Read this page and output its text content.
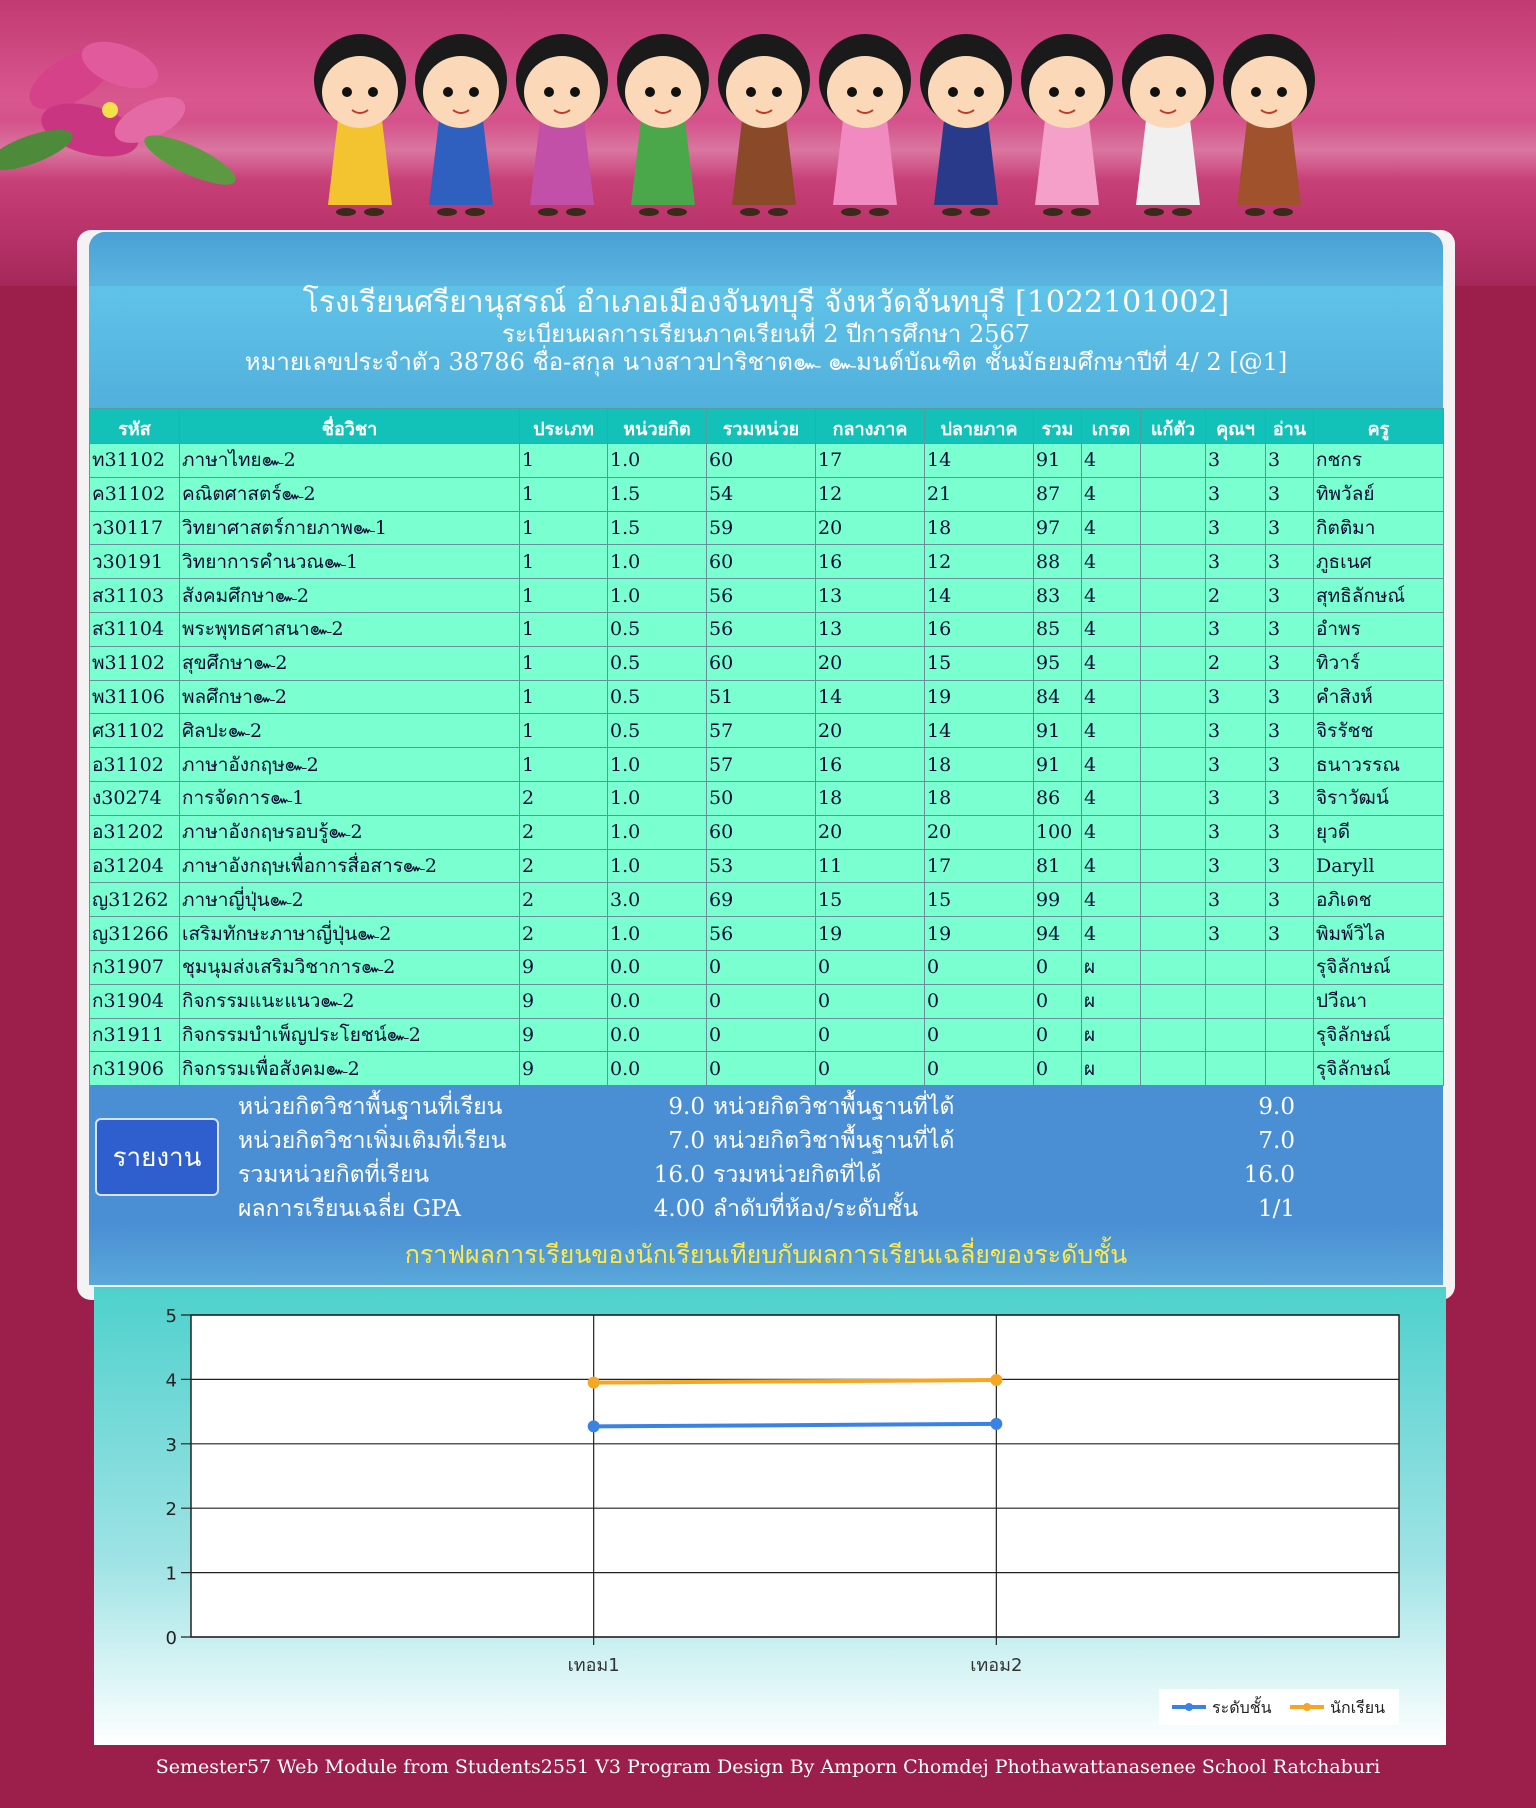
โรงเรียนศรียานุสรณ์ อำเภอเมืองจันทบุรี จังหวัดจันทบุรี [1022101002]
ระเบียนผลการเรียนภาคเรียนที่ 2 ปีการศึกษา 2567
หมายเลขประจำตัว 38786 ชื่อ-สกุล นางสาวปาริชาต๛ ๛มนต์บัณฑิต ชั้นมัธยมศึกษาปีที่ 4/ 2 [@1]
รหัส	ชื่อวิชา	ประเภท	หน่วยกิต	รวมหน่วย	กลางภาค	ปลายภาค	รวม	เกรด	แก้ตัว	คุณฯ	อ่าน	ครู
ท31102	ภาษาไทย๛2	1	1.0	60	17	14	91	4		3	3	กชกร
ค31102	คณิตศาสตร์๛2	1	1.5	54	12	21	87	4		3	3	ทิพวัลย์
ว30117	วิทยาศาสตร์กายภาพ๛1	1	1.5	59	20	18	97	4		3	3	กิตติมา
ว30191	วิทยาการคำนวณ๛1	1	1.0	60	16	12	88	4		3	3	ภูธเนศ
ส31103	สังคมศึกษา๛2	1	1.0	56	13	14	83	4		2	3	สุทธิลักษณ์
ส31104	พระพุทธศาสนา๛2	1	0.5	56	13	16	85	4		3	3	อำพร
พ31102	สุขศึกษา๛2	1	0.5	60	20	15	95	4		2	3	ทิวาร์
พ31106	พลศึกษา๛2	1	0.5	51	14	19	84	4		3	3	คำสิงห์
ศ31102	ศิลปะ๛2	1	0.5	57	20	14	91	4		3	3	จิรรัชช
อ31102	ภาษาอังกฤษ๛2	1	1.0	57	16	18	91	4		3	3	ธนาวรรณ
ง30274	การจัดการ๛1	2	1.0	50	18	18	86	4		3	3	จิราวัฒน์
อ31202	ภาษาอังกฤษรอบรู้๛2	2	1.0	60	20	20	100	4		3	3	ยุวดี
อ31204	ภาษาอังกฤษเพื่อการสื่อสาร๛2	2	1.0	53	11	17	81	4		3	3	Daryll
ญ31262	ภาษาญี่ปุ่น๛2	2	3.0	69	15	15	99	4		3	3	อภิเดช
ญ31266	เสริมทักษะภาษาญี่ปุ่น๛2	2	1.0	56	19	19	94	4		3	3	พิมพ์วิไล
ก31907	ชุมนุมส่งเสริมวิชาการ๛2	9	0.0	0	0	0	0	ผ				รุจิลักษณ์
ก31904	กิจกรรมแนะแนว๛2	9	0.0	0	0	0	0	ผ				ปวีณา
ก31911	กิจกรรมบำเพ็ญประโยชน์๛2	9	0.0	0	0	0	0	ผ				รุจิลักษณ์
ก31906	กิจกรรมเพื่อสังคม๛2	9	0.0	0	0	0	0	ผ				รุจิลักษณ์
รายงาน
หน่วยกิตวิชาพื้นฐานที่เรียน	9.0 หน่วยกิตวิชาพื้นฐานที่ได้	9.0
หน่วยกิตวิชาเพิ่มเติมที่เรียน	7.0 หน่วยกิตวิชาพื้นฐานที่ได้	7.0
รวมหน่วยกิตที่เรียน	16.0 รวมหน่วยกิตที่ได้	16.0
ผลการเรียนเฉลี่ย GPA	4.00 ลำดับที่ห้อง/ระดับชั้น	1/1
กราฟผลการเรียนของนักเรียนเทียบกับผลการเรียนเฉลี่ยของระดับชั้น
0
1
2
3
4
5
เทอม1	เทอม2
ระดับชั้น	นักเรียน
Semester57 Web Module from Students2551 V3 Program Design By Amporn Chomdej Phothawattanasenee School Ratchaburi
